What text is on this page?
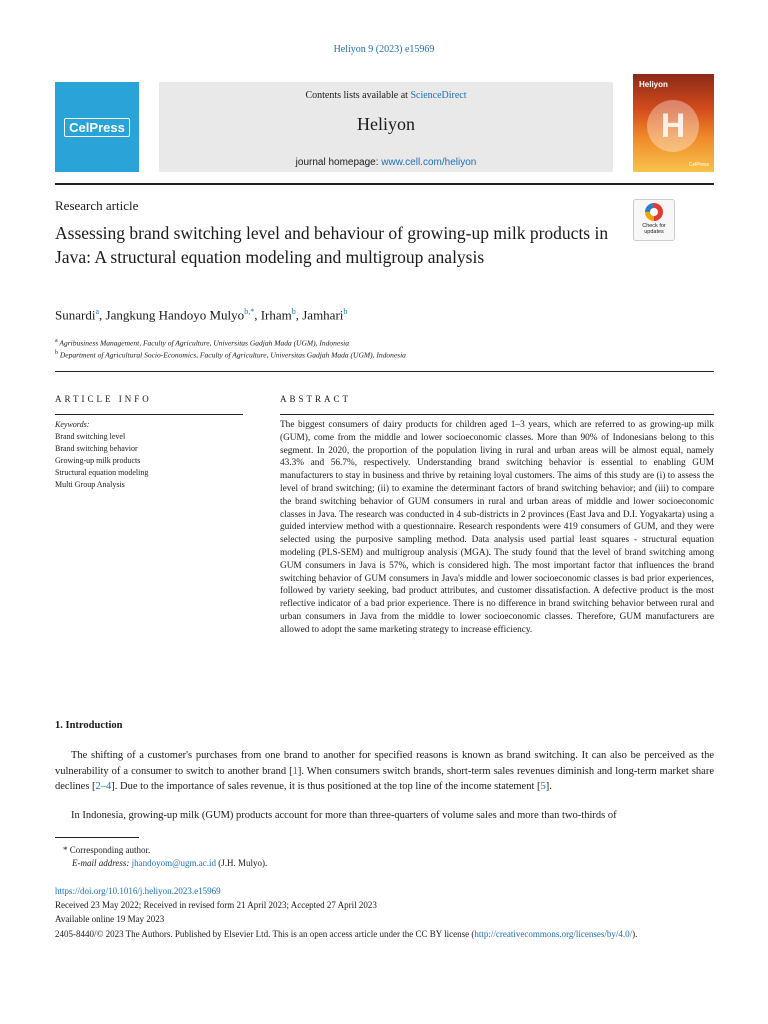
Heliyon 9 (2023) e15969
CelPress
Contents lists available at ScienceDirect
Heliyon
journal homepage: www.cell.com/heliyon
Heliyon
H
CelPress
Research article
Assessing brand switching level and behaviour of growing-up milk products in Java: A structural equation modeling and multigroup analysis
Check for
updates
Sunardi$^a$, Jangkung Handoyo Mulyo$^{b,*}$, Irham$^b$, Jamhari$^b$
$^a$ Agribusiness Management, Faculty of Agriculture, Universitas Gadjah Mada (UGM), Indonesia
$^b$ Department of Agricultural Socio-Economics, Faculty of Agriculture, Universitas Gadjah Mada (UGM), Indonesia
ARTICLE INFO	ABSTRACT
Keywords:
Brand switching level
Brand switching behavior
Growing-up milk products
Structural equation modeling
Multi Group Analysis
The biggest consumers of dairy products for children aged 1–3 years, which are referred to as growing-up milk (GUM), come from the middle and lower socioeconomic classes. More than 90% of Indonesians belong to this segment. In 2020, the proportion of the population living in rural and urban areas will be almost equal, namely 43.3% and 56.7%, respectively. Understanding brand switching behavior is essential to enabling GUM manufacturers to stay in business and thrive by retaining loyal customers. The aims of this study are (i) to assess the level of brand switching; (ii) to examine the determinant factors of brand switching behavior; and (iii) to compare the brand switching behavior of GUM consumers in rural and urban areas of middle and lower socioeconomic classes in Java. The research was conducted in 4 sub-districts in 2 provinces (East Java and D.I. Yogyakarta) using a guided interview method with a questionnaire. Research respondents were 419 consumers of GUM, and they were selected using the purposive sampling method. Data analysis used partial least squares - structural equation modeling (PLS-SEM) and multigroup analysis (MGA). The study found that the level of brand switching among GUM consumers in Java is 57%, which is considered high. The most important factor that influences the brand switching behavior of GUM consumers in Java's middle and lower socioeconomic classes is bad prior experiences, followed by variety seeking, bad product attributes, and customer dissatisfaction. A defective product is the most reflective indicator of a bad prior experience. There is no difference in brand switching behavior between rural and urban consumers in Java from the middle to lower socioeconomic classes. Therefore, GUM manufacturers are allowed to adopt the same marketing strategy to increase efficiency.
1. Introduction
The shifting of a customer's purchases from one brand to another for specified reasons is known as brand switching. It can also be perceived as the vulnerability of a consumer to switch to another brand [1]. When consumers switch brands, short-term sales revenues diminish and long-term market share declines [2–4]. Due to the importance of sales revenue, it is thus positioned at the top line of the income statement [5].
In Indonesia, growing-up milk (GUM) products account for more than three-quarters of volume sales and more than two-thirds of
* Corresponding author.
E-mail address: jhandoyom@ugm.ac.id (J.H. Mulyo).
https://doi.org/10.1016/j.heliyon.2023.e15969
Received 23 May 2022; Received in revised form 21 April 2023; Accepted 27 April 2023
Available online 19 May 2023
2405-8440/© 2023 The Authors. Published by Elsevier Ltd. This is an open access article under the CC BY license (http://creativecommons.org/licenses/by/4.0/).
